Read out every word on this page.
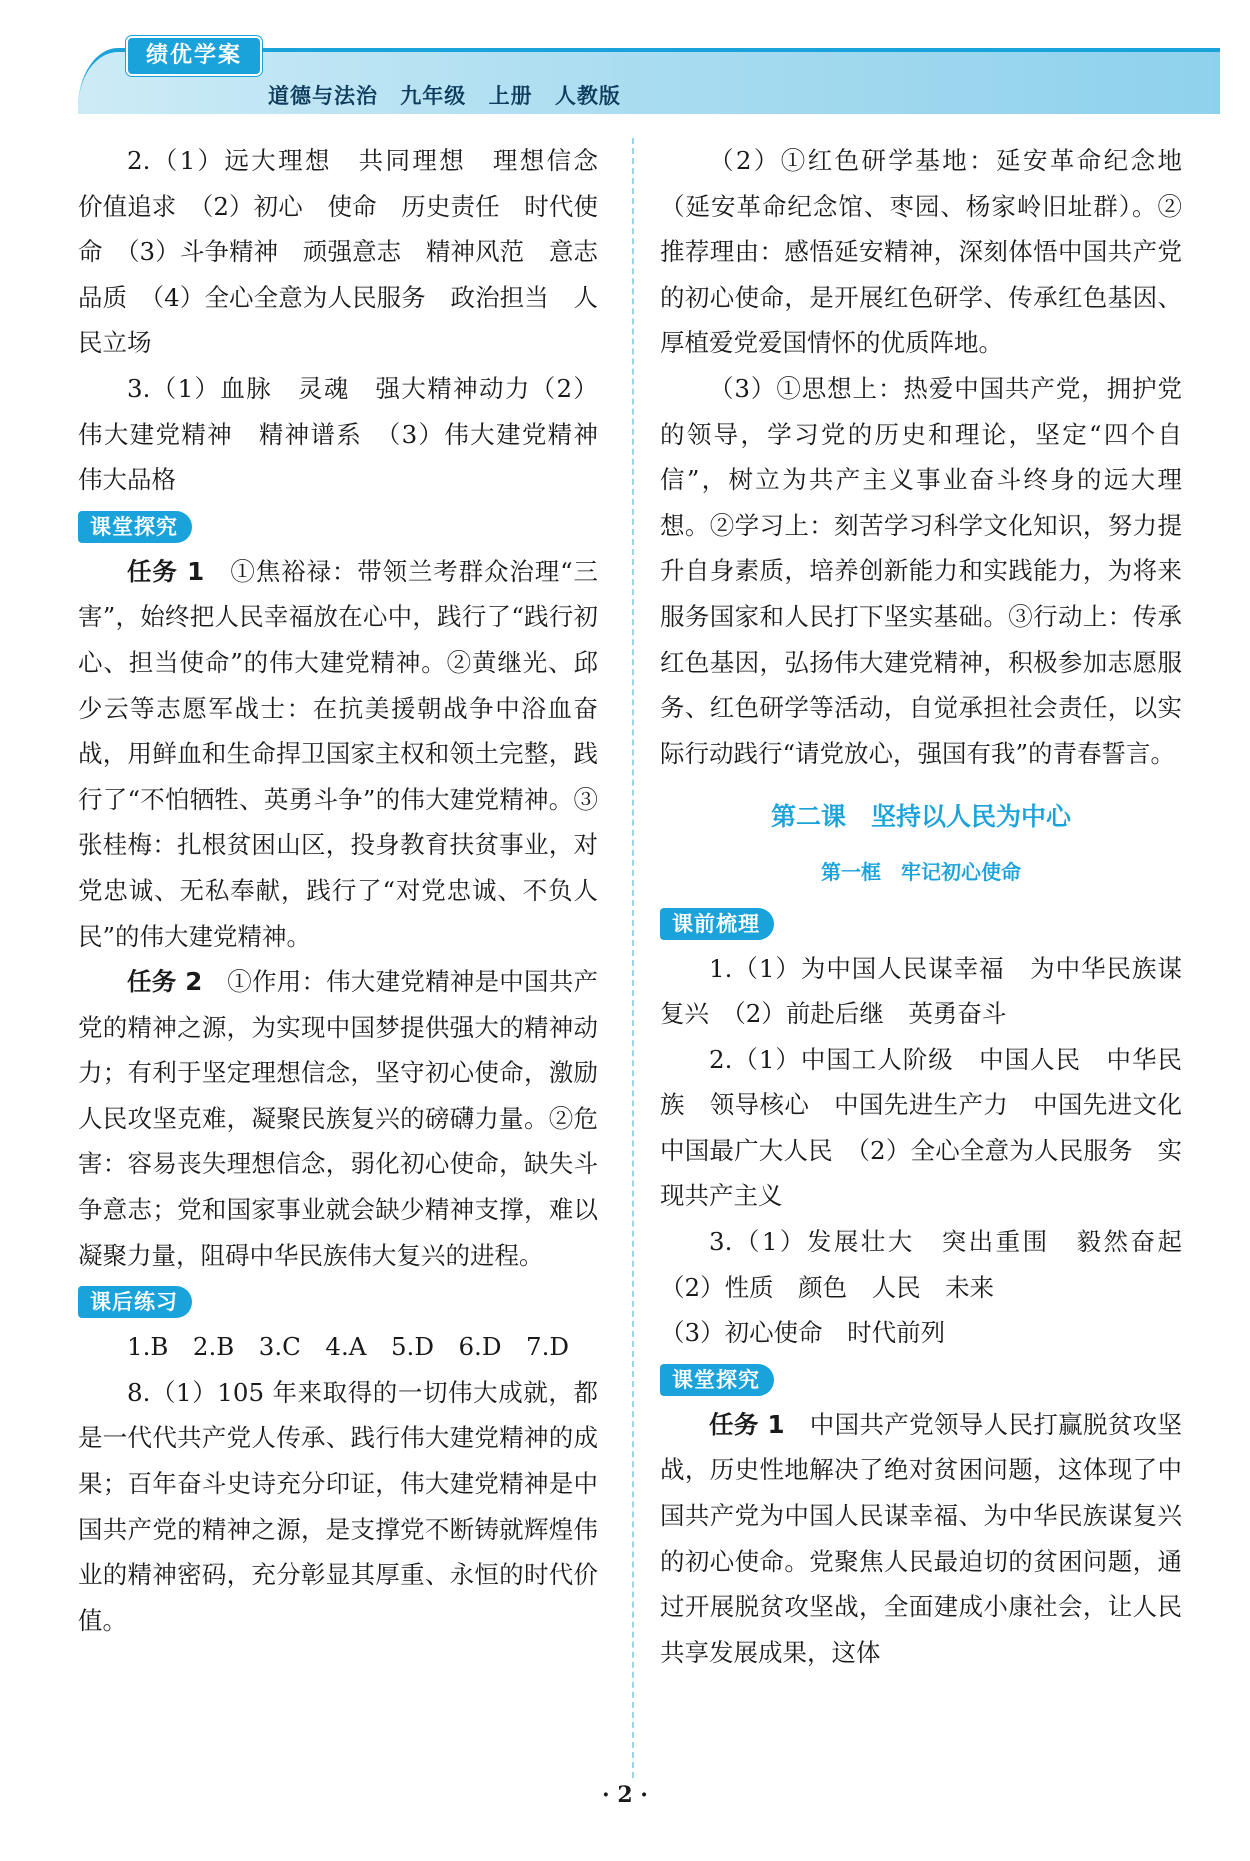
绩优学案
道德与法治 九年级 上册 人教版

2.（1）远大理想　共同理想　理想信念　价值追求　（2）初心　使命　历史责任　时代使命　（3）斗争精神　顽强意志　精神风范　意志品质　（4）全心全意为人民服务　政治担当　人民立场

3.（1）血脉　灵魂　强大精神动力（2）伟大建党精神　精神谱系　（3）伟大建党精神　伟大品格

课堂探究

任务 1　 ①焦裕禄：带领兰考群众治理“三害”，始终把人民幸福放在心中，践行了“践行初心、担当使命”的伟大建党精神。②黄继光、邱少云等志愿军战士：在抗美援朝战争中浴血奋战，用鲜血和生命捍卫国家主权和领土完整，践行了“不怕牺牲、英勇斗争”的伟大建党精神。③张桂梅：扎根贫困山区，投身教育扶贫事业，对党忠诚、无私奉献，践行了“对党忠诚、不负人民”的伟大建党精神。

任务 2　 ①作用：伟大建党精神是中国共产党的精神之源，为实现中国梦提供强大的精神动力；有利于坚定理想信念，坚守初心使命，激励人民攻坚克难，凝聚民族复兴的磅礴力量。②危害：容易丧失理想信念，弱化初心使命，缺失斗争意志；党和国家事业就会缺少精神支撑，难以凝聚力量，阻碍中华民族伟大复兴的进程。

课后练习

1.B　2.B　3.C　4.A　5.D　6.D　7.D

8.（1）105 年来取得的一切伟大成就，都是一代代共产党人传承、践行伟大建党精神的成果；百年奋斗史诗充分印证，伟大建党精神是中国共产党的精神之源，是支撑党不断铸就辉煌伟业的精神密码，充分彰显其厚重、永恒的时代价值。

（2）①红色研学基地：延安革命纪念地（延安革命纪念馆、枣园、杨家岭旧址群）。②推荐理由：感悟延安精神，深刻体悟中国共产党的初心使命，是开展红色研学、传承红色基因、厚植爱党爱国情怀的优质阵地。

（3）①思想上：热爱中国共产党，拥护党的领导，学习党的历史和理论，坚定“四个自信”，树立为共产主义事业奋斗终身的远大理想。②学习上：刻苦学习科学文化知识，努力提升自身素质，培养创新能力和实践能力，为将来服务国家和人民打下坚实基础。③行动上：传承红色基因，弘扬伟大建党精神，积极参加志愿服务、红色研学等活动，自觉承担社会责任，以实际行动践行“请党放心，强国有我”的青春誓言。

第二课　坚持以人民为中心
第一框　牢记初心使命
课前梳理

1.（1）为中国人民谋幸福　为中华民族谋复兴　（2）前赴后继　英勇奋斗

2.（1）中国工人阶级　中国人民　中华民族　领导核心　中国先进生产力　中国先进文化　中国最广大人民　（2）全心全意为人民服务　实现共产主义

3.（1）发展壮大　突出重围　毅然奋起　（2）性质　颜色　人民　未来

（3）初心使命　时代前列

课堂探究

任务 1　 中国共产党领导人民打赢脱贫攻坚战，历史性地解决了绝对贫困问题，这体现了中国共产党为中国人民谋幸福、为中华民族谋复兴的初心使命。党聚焦人民最迫切的贫困问题，通过开展脱贫攻坚战，全面建成小康社会，让人民共享发展成果，这体

· 2 ·
